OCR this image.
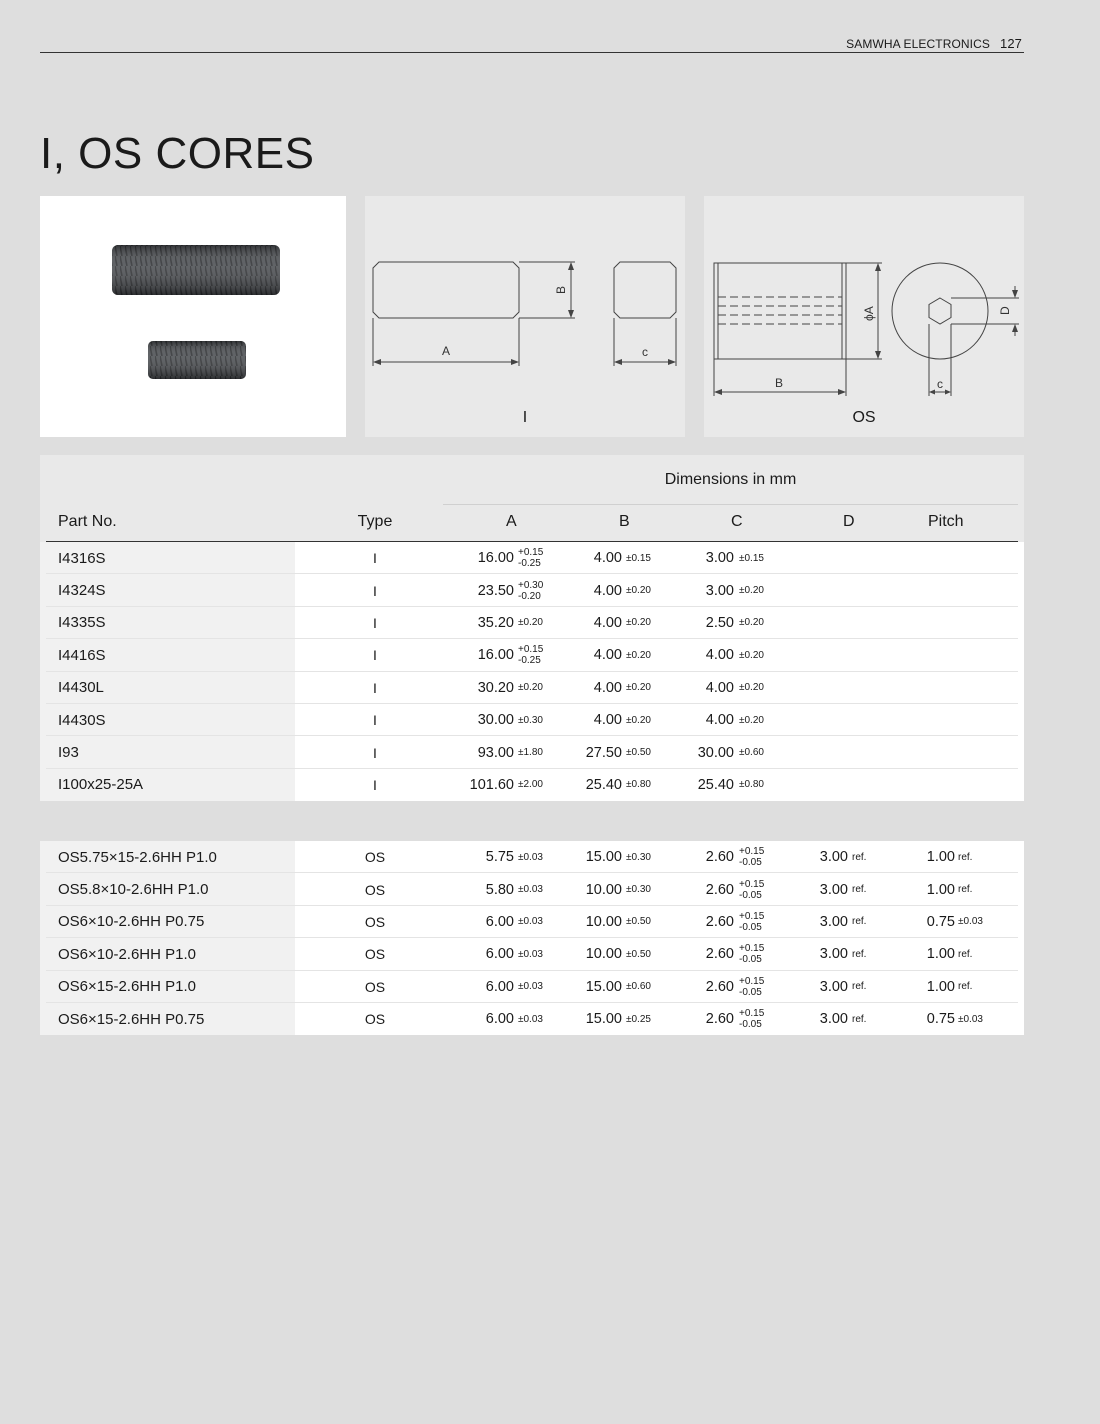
SAMWHA ELECTRONICS 127
I, OS CORES
B
A	c
I
ϕA
B	c
D
OS
Dimensions in mm
Part No.	Type	A	B	C	D	Pitch
I4316S	I	16.00 +0.15
-0.25	4.00 ±0.15	3.00 ±0.15
I4324S	I	23.50 +0.30
-0.20	4.00 ±0.20	3.00 ±0.20
I4335S	I	35.20 ±0.20	4.00 ±0.20	2.50 ±0.20
I4416S	I	16.00 +0.15
-0.25	4.00 ±0.20	4.00 ±0.20
I4430L	I	30.20 ±0.20	4.00 ±0.20	4.00 ±0.20
I4430S	I	30.00 ±0.30	4.00 ±0.20	4.00 ±0.20
I93	I	93.00 ±1.80	27.50 ±0.50	30.00 ±0.60
I100x25-25A	I	101.60 ±2.00	25.40 ±0.80	25.40 ±0.80
OS5.75×15-2.6HH P1.0	OS	5.75 ±0.03	15.00 ±0.30	2.60 +0.15
-0.05	3.00 ref.	1.00 ref.
OS5.8×10-2.6HH P1.0	OS	5.80 ±0.03	10.00 ±0.30	2.60 +0.15
-0.05	3.00 ref.	1.00 ref.
OS6×10-2.6HH P0.75	OS	6.00 ±0.03	10.00 ±0.50	2.60 +0.15
-0.05	3.00 ref.	0.75 ±0.03
OS6×10-2.6HH P1.0	OS	6.00 ±0.03	10.00 ±0.50	2.60 +0.15
-0.05	3.00 ref.	1.00 ref.
OS6×15-2.6HH P1.0	OS	6.00 ±0.03	15.00 ±0.60	2.60 +0.15
-0.05	3.00 ref.	1.00 ref.
OS6×15-2.6HH P0.75	OS	6.00 ±0.03	15.00 ±0.25	2.60 +0.15
-0.05	3.00 ref.	0.75 ±0.03
